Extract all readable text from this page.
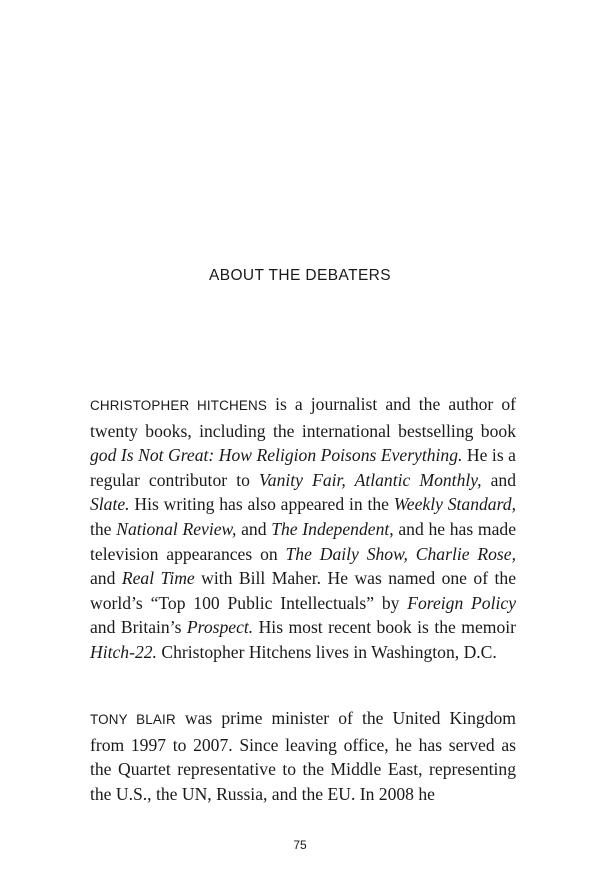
ABOUT THE DEBATERS

CHRISTOPHER HITCHENS is a journalist and the author of twenty books, including the international bestselling book god Is Not Great: How Religion Poisons Everything. He is a regular contributor to Vanity Fair, Atlantic Monthly, and Slate. His writing has also appeared in the Weekly Standard, the National Review, and The Independent, and he has made television appearances on The Daily Show, Charlie Rose, and Real Time with Bill Maher. He was named one of the world’s “Top 100 Public Intellectuals” by Foreign Policy and Britain’s Prospect. His most recent book is the memoir Hitch-22. Christopher Hitchens lives in Washington, D.C.

TONY BLAIR was prime minister of the United Kingdom from 1997 to 2007. Since leaving office, he has served as the Quartet representative to the Middle East, representing the U.S., the UN, Russia, and the EU. In 2008 he

75
